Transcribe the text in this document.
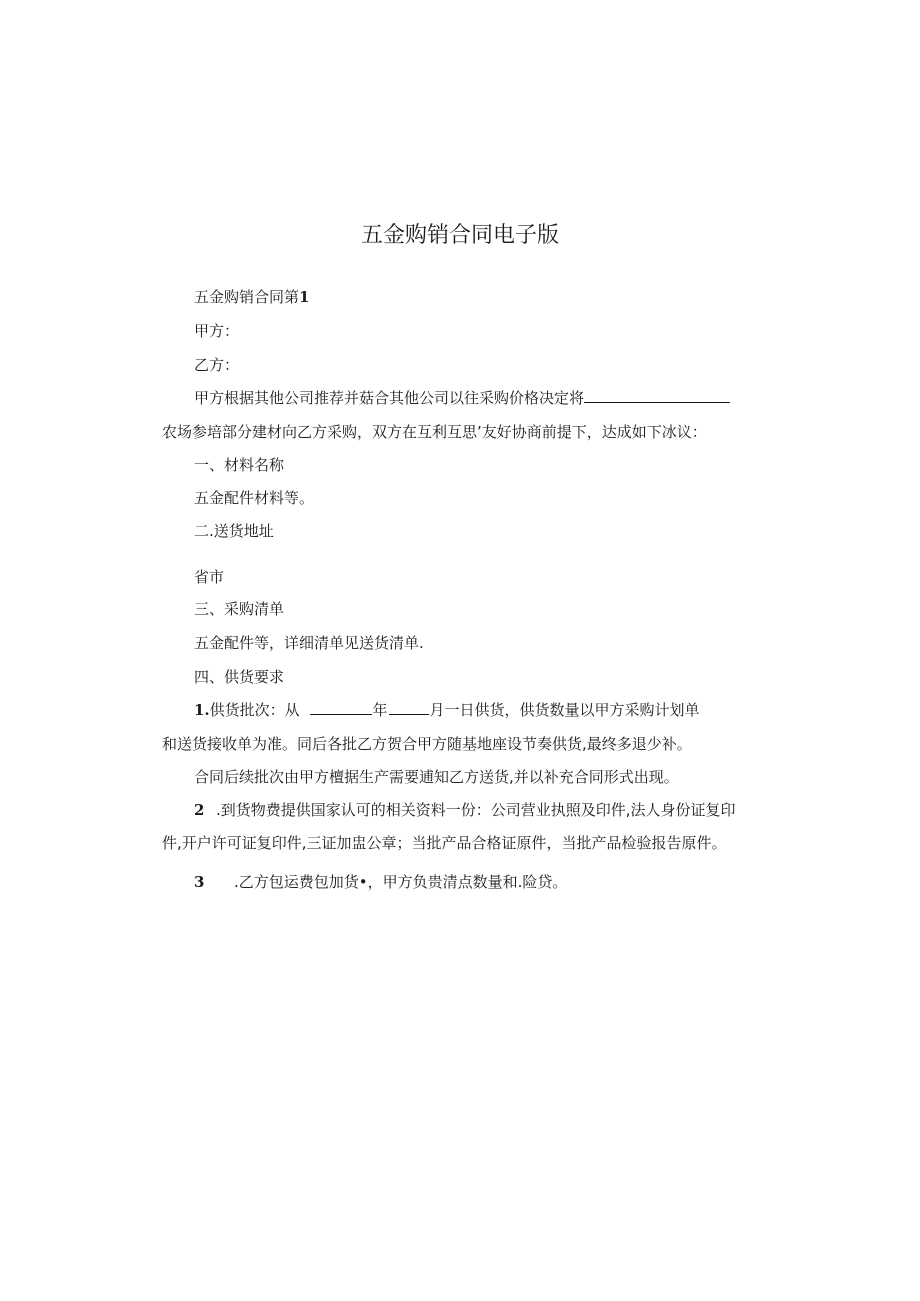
五金购销合同电子版
五金购销合同第1
甲方：
乙方：
甲方根据其他公司推荐并菇合其他公司以往采购价格决定将
农场参培部分建材向乙方采购，双方在互利互思’友好协商前提下，达成如下冰议：
一、材料名称
五金配件材料等。
二.送货地址
省市
三、采购清单
五金配件等，详细清单见送货清单.
四、供货要求
1.供货批次：从	年	月一日供货，供货数量以甲方采购计划单
和送货接收单为准。同后各批乙方贺合甲方随基地座设节奏供货,最终多退少补。
合同后续批次由甲方檀据生产需要逋知乙方送货,并以补充合同形式出现。
2 .到货物费提供国家认可的相关资料一份：公司营业执照及印件,法人身份证复印
件,开户许可证复印件,三证加盅公章；当批产品合格证原件，当批产品检验报告原件。
3 .乙方包运费包加货•，甲方负贵清点数量和.险贷。
